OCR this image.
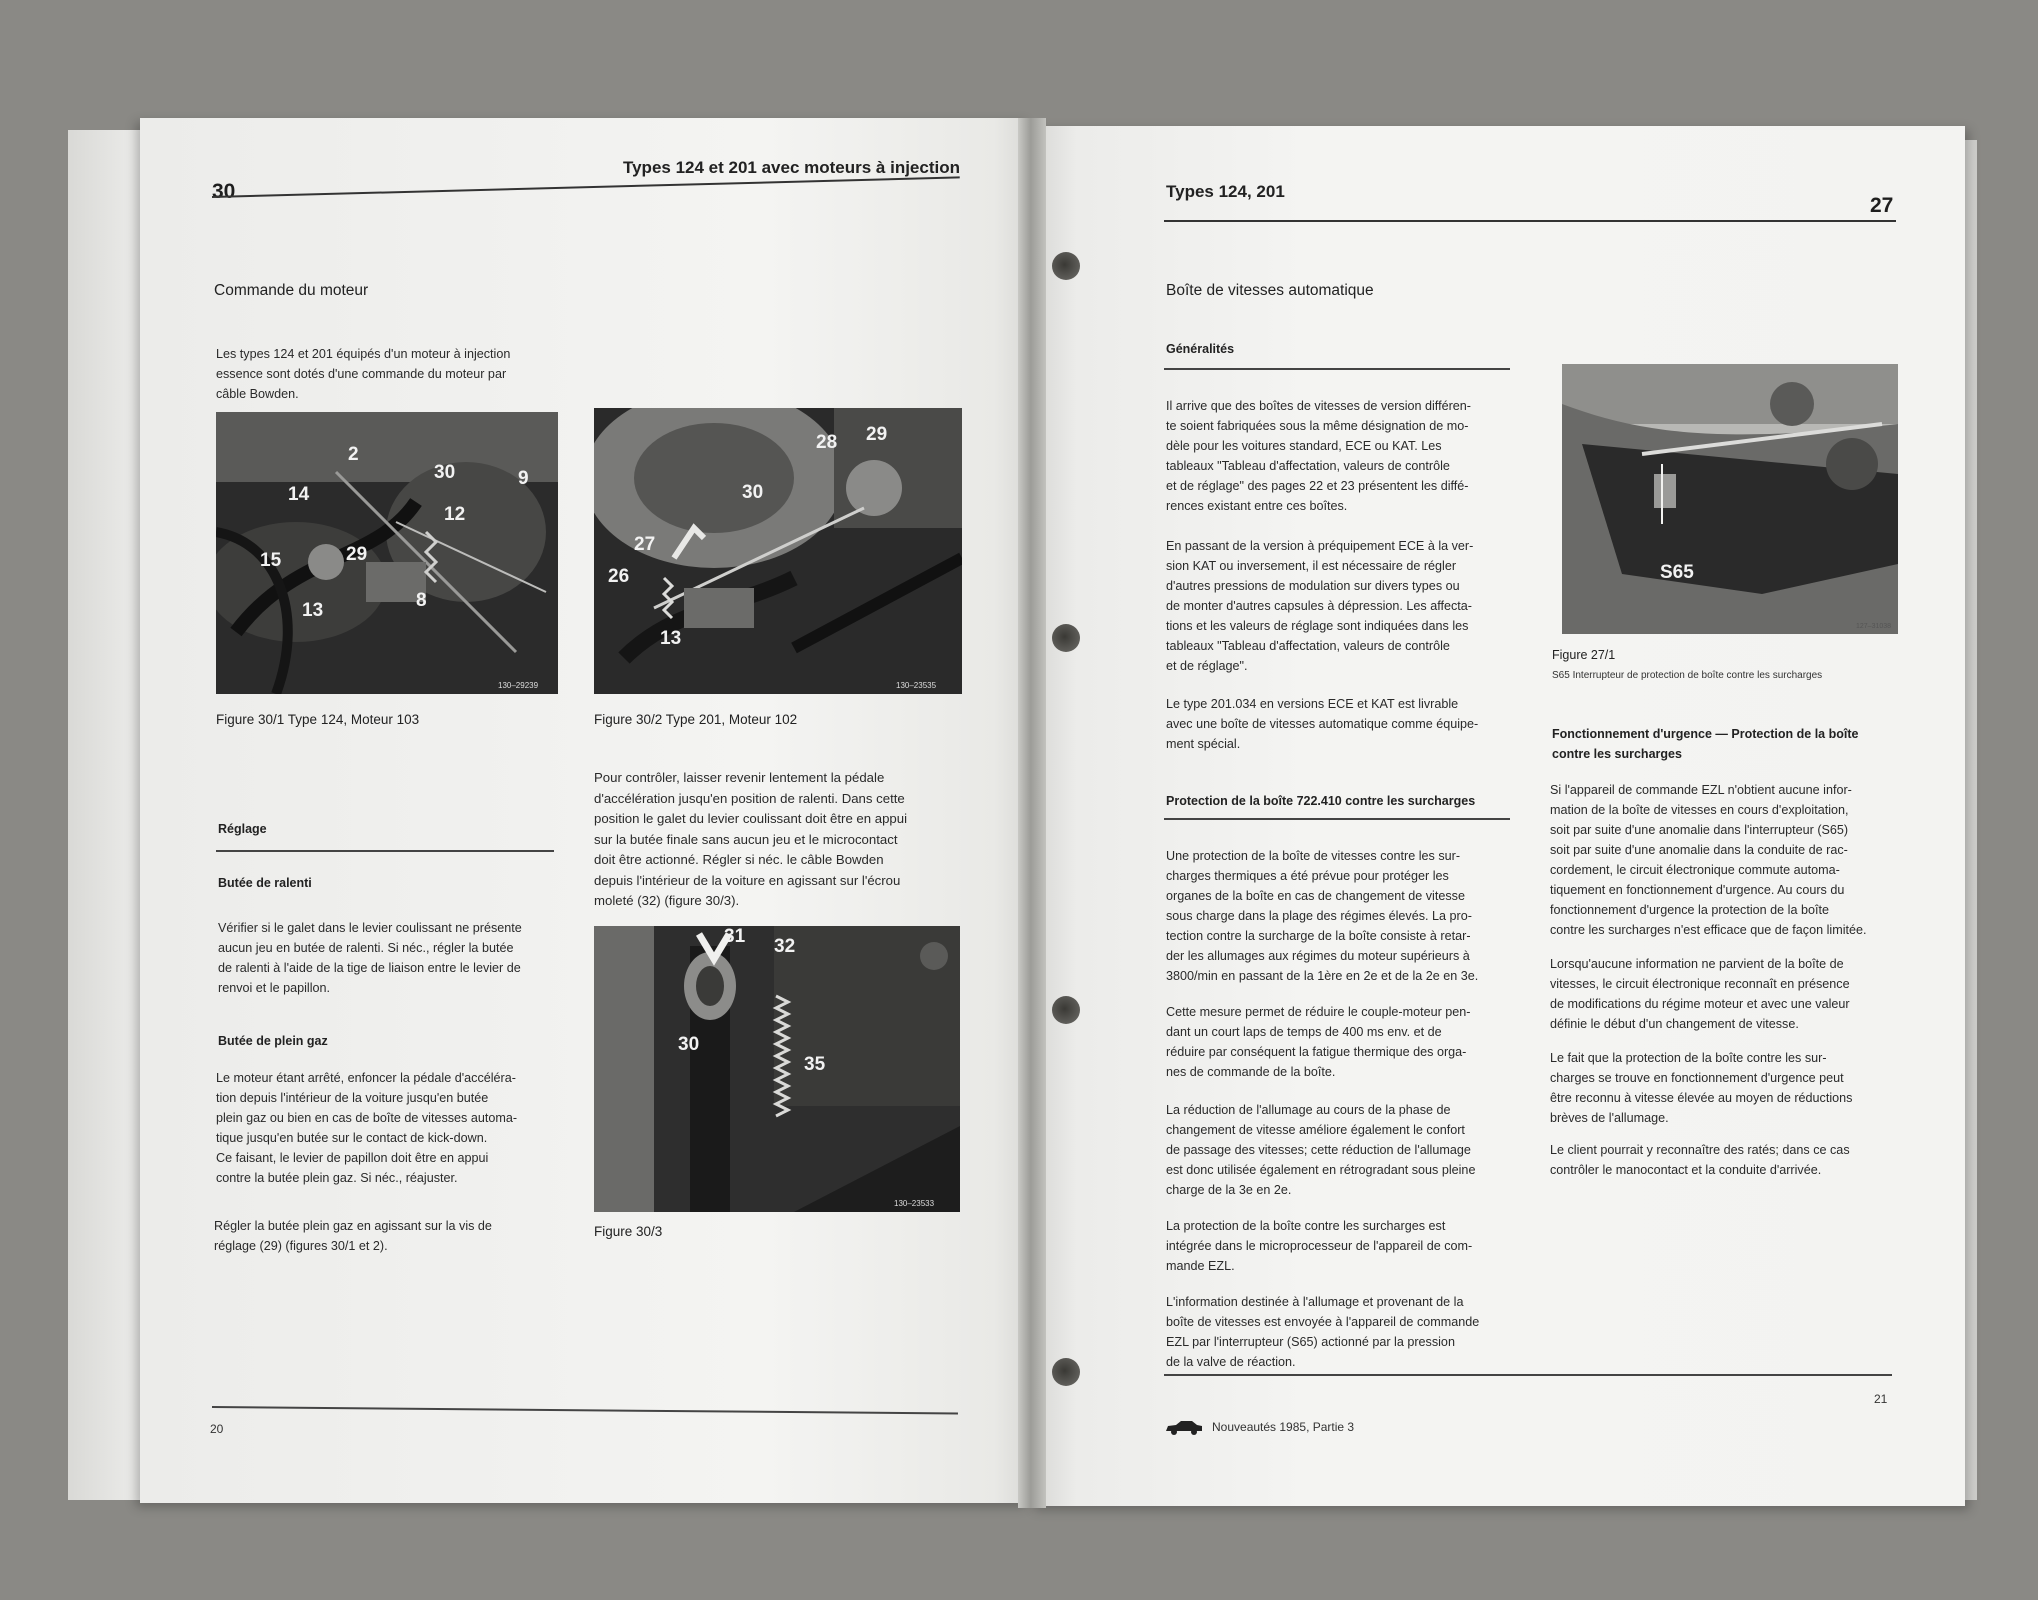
30
Types 124 et 201 avec moteurs à injection
Commande du moteur
Les types 124 et 201 équipés d'un moteur à injection
essence sont dotés d'une commande du moteur par
câble Bowden.
2
30	9
14
12
15	29
13	8
130–29239
Figure 30/1 Type 124, Moteur 103
29
28
30
27
26
13
130–23535
Figure 30/2 Type 201, Moteur 102
Réglage
Butée de ralenti
Vérifier si le galet dans le levier coulissant ne présente
aucun jeu en butée de ralenti. Si néc., régler la butée
de ralenti à l'aide de la tige de liaison entre le levier de
renvoi et le papillon.
Butée de plein gaz
Le moteur étant arrêté, enfoncer la pédale d'accéléra-
tion depuis l'intérieur de la voiture jusqu'en butée
plein gaz ou bien en cas de boîte de vitesses automa-
tique jusqu'en butée sur le contact de kick-down.
Ce faisant, le levier de papillon doit être en appui
contre la butée plein gaz. Si néc., réajuster.
Régler la butée plein gaz en agissant sur la vis de
réglage (29) (figures 30/1 et 2).
Pour contrôler, laisser revenir lentement la pédale
d'accélération jusqu'en position de ralenti. Dans cette
position le galet du levier coulissant doit être en appui
sur la butée finale sans aucun jeu et le microcontact
doit être actionné. Régler si néc. le câble Bowden
depuis l'intérieur de la voiture en agissant sur l'écrou
moleté (32) (figure 30/3).
31 32
30
35
130–23533
Figure 30/3
20
Types 124, 201
27
Boîte de vitesses automatique
Généralités
Il arrive que des boîtes de vitesses de version différen-
te soient fabriquées sous la même désignation de mo-
dèle pour les voitures standard, ECE ou KAT. Les
tableaux "Tableau d'affectation, valeurs de contrôle
et de réglage" des pages 22 et 23 présentent les diffé-
rences existant entre ces boîtes.
En passant de la version à préquipement ECE à la ver-
sion KAT ou inversement, il est nécessaire de régler
d'autres pressions de modulation sur divers types ou
de monter d'autres capsules à dépression. Les affecta-
tions et les valeurs de réglage sont indiquées dans les
tableaux "Tableau d'affectation, valeurs de contrôle
et de réglage".
Le type 201.034 en versions ECE et KAT est livrable
avec une boîte de vitesses automatique comme équipe-
ment spécial.
Protection de la boîte 722.410 contre les surcharges
Une protection de la boîte de vitesses contre les sur-
charges thermiques a été prévue pour protéger les
organes de la boîte en cas de changement de vitesse
sous charge dans la plage des régimes élevés. La pro-
tection contre la surcharge de la boîte consiste à retar-
der les allumages aux régimes du moteur supérieurs à
3800/min en passant de la 1ère en 2e et de la 2e en 3e.
Cette mesure permet de réduire le couple-moteur pen-
dant un court laps de temps de 400 ms env. et de
réduire par conséquent la fatigue thermique des orga-
nes de commande de la boîte.
La réduction de l'allumage au cours de la phase de
changement de vitesse améliore également le confort
de passage des vitesses; cette réduction de l'allumage
est donc utilisée également en rétrogradant sous pleine
charge de la 3e en 2e.
La protection de la boîte contre les surcharges est
intégrée dans le microprocesseur de l'appareil de com-
mande EZL.
L'information destinée à l'allumage et provenant de la
boîte de vitesses est envoyée à l'appareil de commande
EZL par l'interrupteur (S65) actionné par la pression
de la valve de réaction.
S65
127–31038
Figure 27/1
S65 Interrupteur de protection de boîte contre les surcharges
Fonctionnement d'urgence — Protection de la boîte
contre les surcharges
Si l'appareil de commande EZL n'obtient aucune infor-
mation de la boîte de vitesses en cours d'exploitation,
soit par suite d'une anomalie dans l'interrupteur (S65)
soit par suite d'une anomalie dans la conduite de rac-
cordement, le circuit électronique commute automa-
tiquement en fonctionnement d'urgence. Au cours du
fonctionnement d'urgence la protection de la boîte
contre les surcharges n'est efficace que de façon limitée.
Lorsqu'aucune information ne parvient de la boîte de
vitesses, le circuit électronique reconnaît en présence
de modifications du régime moteur et avec une valeur
définie le début d'un changement de vitesse.
Le fait que la protection de la boîte contre les sur-
charges se trouve en fonctionnement d'urgence peut
être reconnu à vitesse élevée au moyen de réductions
brèves de l'allumage.
Le client pourrait y reconnaître des ratés; dans ce cas
contrôler le manocontact et la conduite d'arrivée.
21
Nouveautés 1985, Partie 3
